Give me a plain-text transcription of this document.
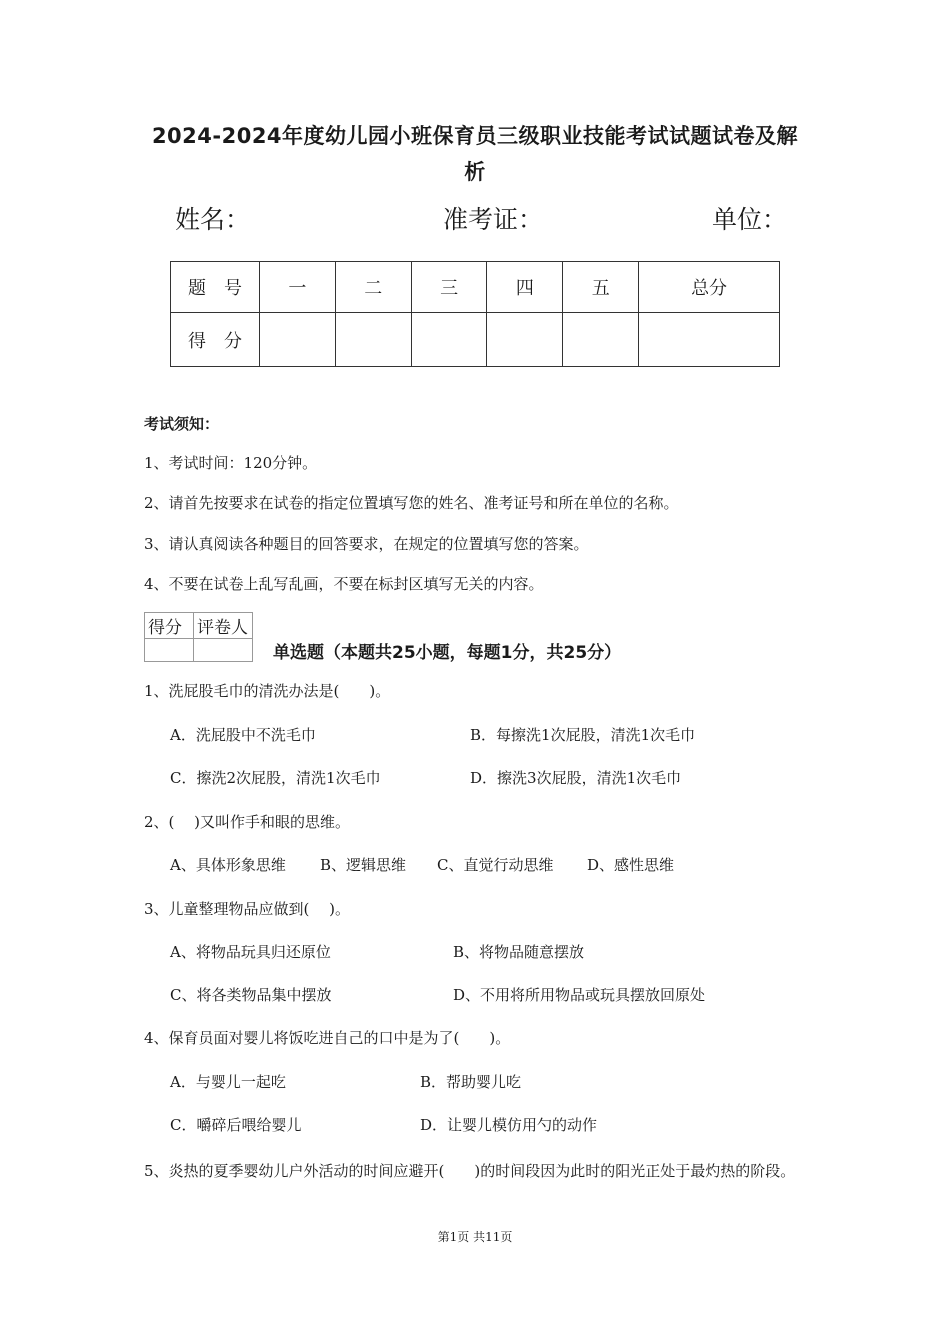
2024-2024年度幼儿园小班保育员三级职业技能考试试题试卷及解
析
姓名：	准考证：	单位：
题　号	一	二	三	四	五	总分
得　分						
考试须知：
1、考试时间：120分钟。
2、请首先按要求在试卷的指定位置填写您的姓名、准考证号和所在单位的名称。
3、请认真阅读各种题目的回答要求，在规定的位置填写您的答案。
4、不要在试卷上乱写乱画，不要在标封区填写无关的内容。
得分	评卷人

单选题（本题共25小题，每题1分，共25分）
1、洗屁股毛巾的清洗办法是(　　)。
A．洗屁股中不洗毛巾	B．每擦洗1次屁股，清洗1次毛巾
C．擦洗2次屁股，清洗1次毛巾	D．擦洗3次屁股，清洗1次毛巾
2、(　 )又叫作手和眼的思维。
A、具体形象思维 B、逻辑思维 C、直觉行动思维 D、感性思维
3、儿童整理物品应做到(　 )。
A、将物品玩具归还原位	B、将物品随意摆放
C、将各类物品集中摆放	D、不用将所用物品或玩具摆放回原处
4、保育员面对婴儿将饭吃进自己的口中是为了(　　)。
A．与婴儿一起吃	B．帮助婴儿吃
C．嚼碎后喂给婴儿	D．让婴儿模仿用勺的动作
5、炎热的夏季婴幼儿户外活动的时间应避开(　　)的时间段因为此时的阳光正处于最灼热的阶段。
第1页 共11页
